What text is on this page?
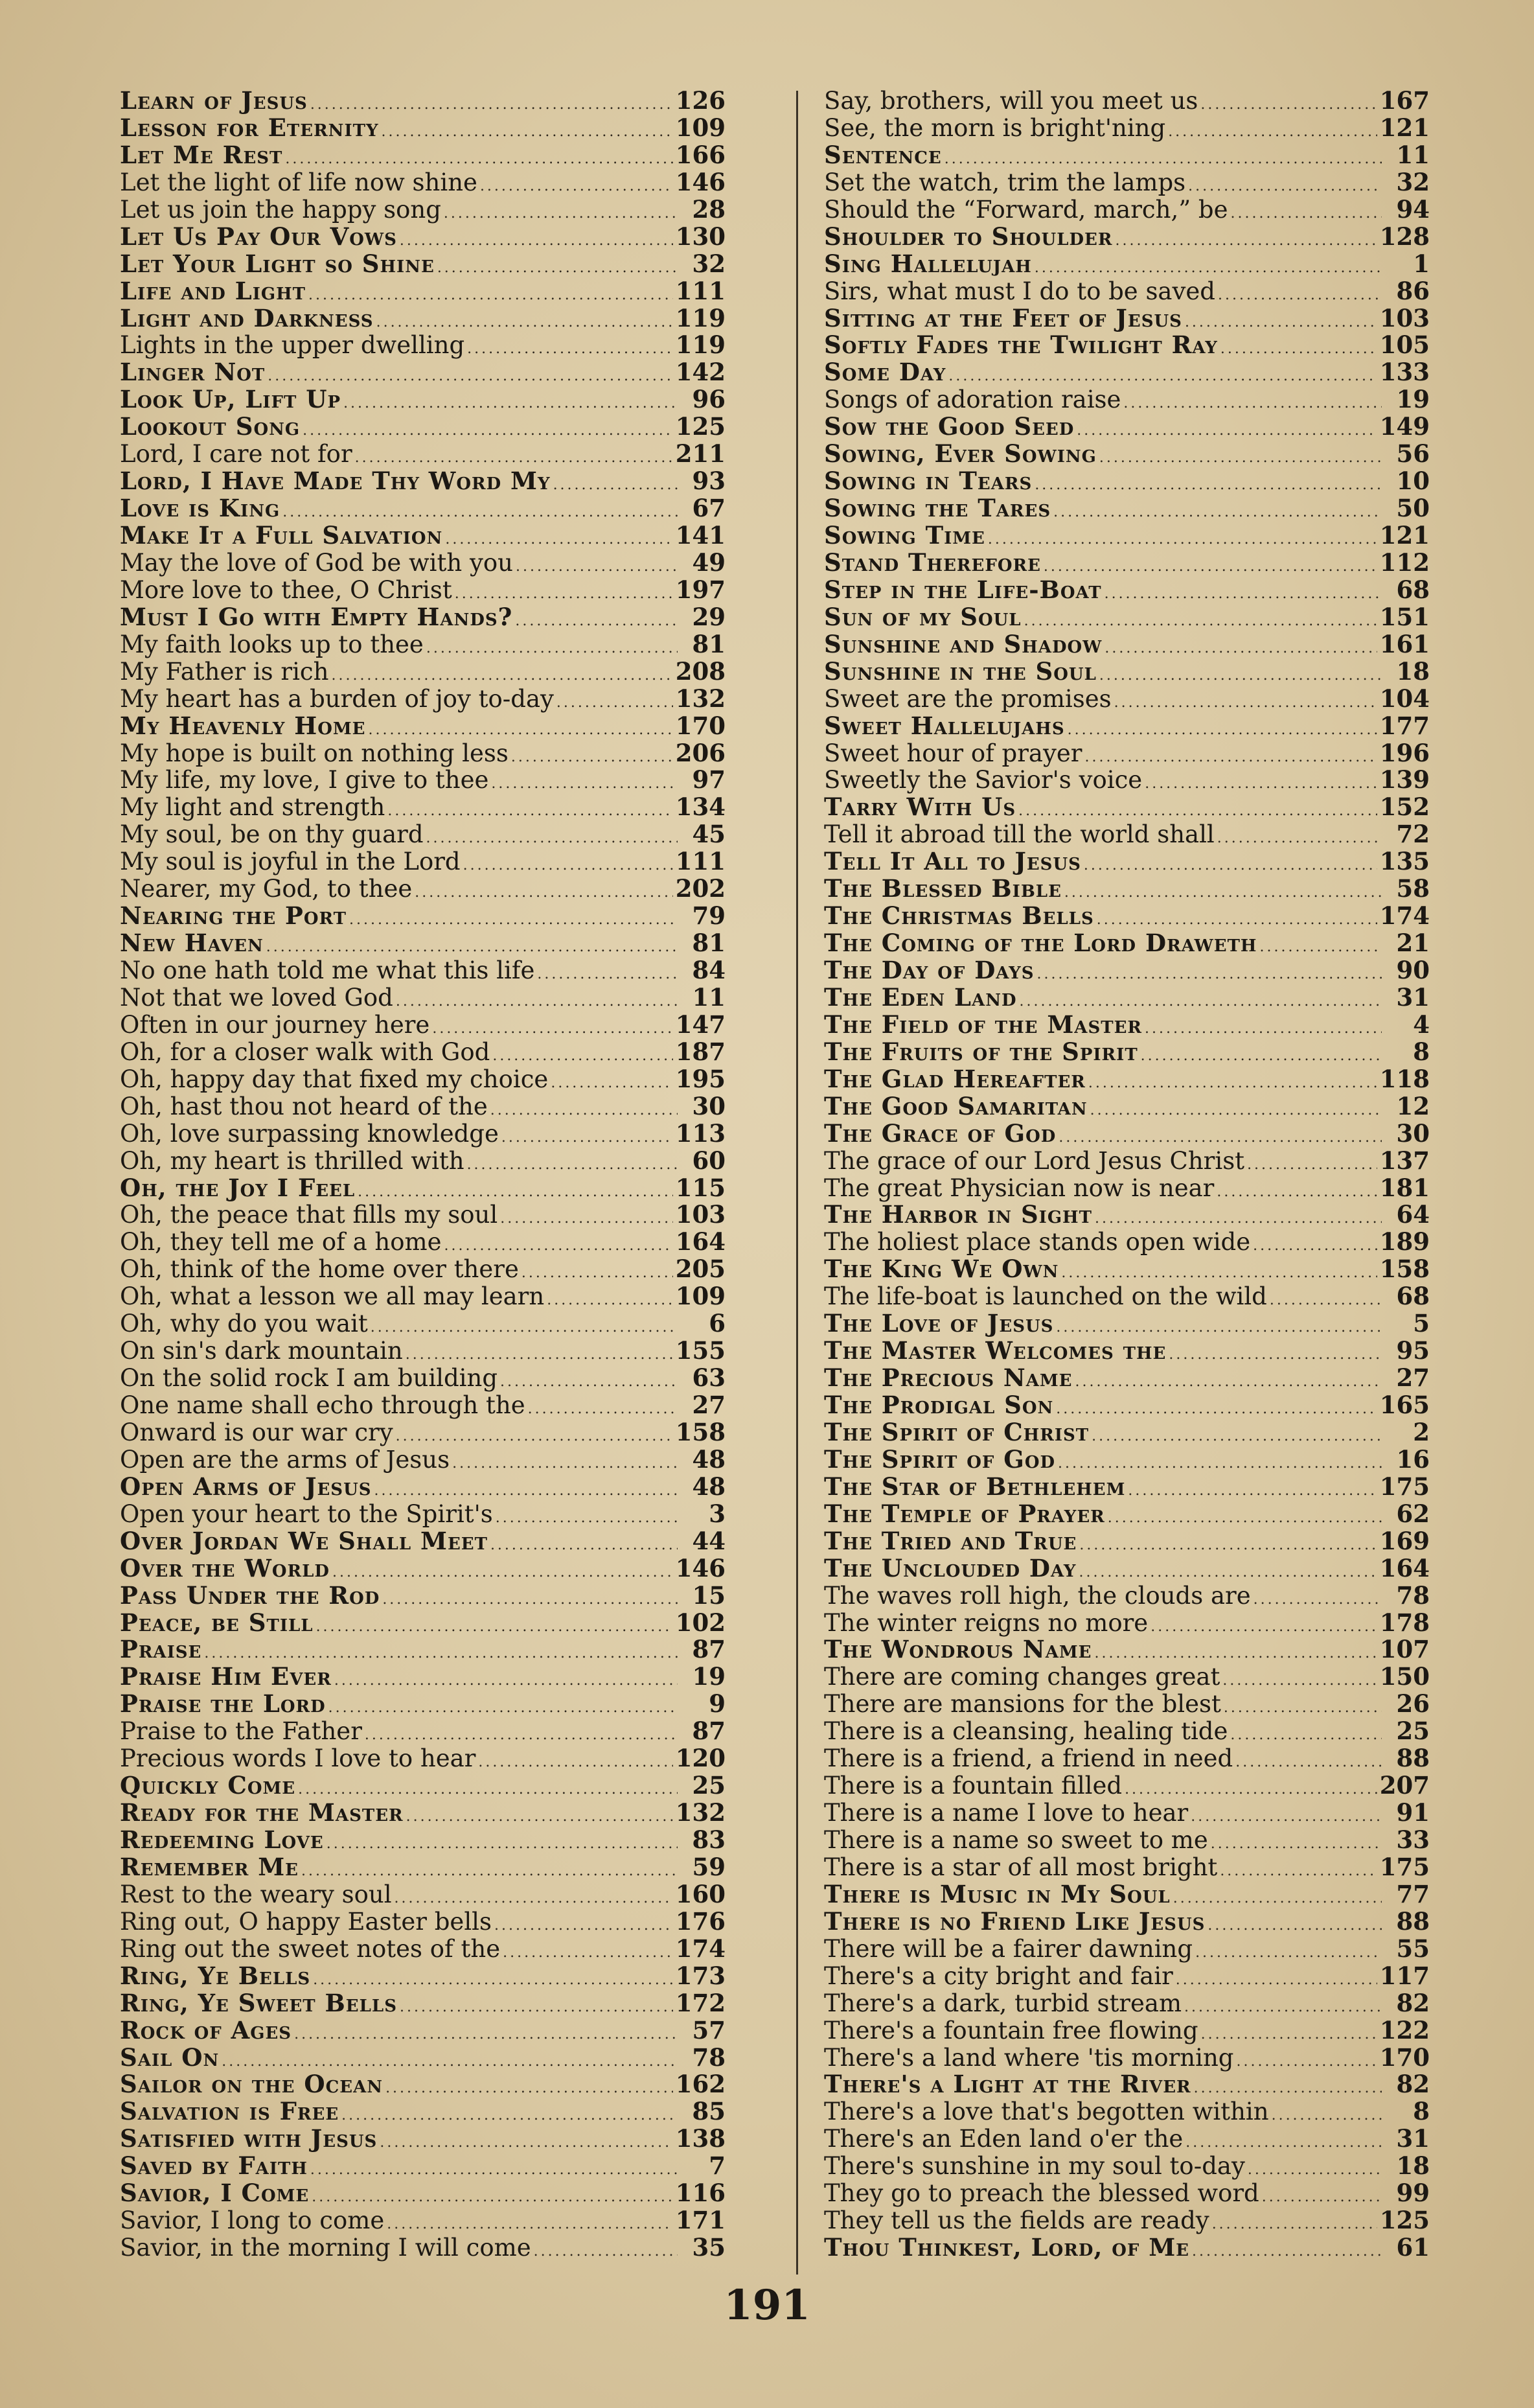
Learn of Jesus .....	126
Lesson for Eternity .....	109
Let Me Rest .....	166
Let the light of life now shine .....	146
Let us join the happy song .....	28
Let Us Pay Our Vows .....	130
Let Your Light so Shine .....	32
Life and Light .....	111
Light and Darkness .....	119
Lights in the upper dwelling .....	119
Linger Not .....	142
Look Up, Lift Up .....	96
Lookout Song .....	125
Lord, I care not for .....	211
Lord, I Have Made Thy Word My .....	93
Love is King .....	67
Make It a Full Salvation .....	141
May the love of God be with you .....	49
More love to thee, O Christ .....	197
Must I Go with Empty Hands? .....	29
My faith looks up to thee .....	81
My Father is rich .....	208
My heart has a burden of joy to-day .....	132
My Heavenly Home .....	170
My hope is built on nothing less .....	206
My life, my love, I give to thee .....	97
My light and strength .....	134
My soul, be on thy guard .....	45
My soul is joyful in the Lord .....	111
Nearer, my God, to thee .....	202
Nearing the Port .....	79
New Haven .....	81
No one hath told me what this life .....	84
Not that we loved God .....	11
Often in our journey here .....	147
Oh, for a closer walk with God .....	187
Oh, happy day that fixed my choice .....	195
Oh, hast thou not heard of the .....	30
Oh, love surpassing knowledge .....	113
Oh, my heart is thrilled with .....	60
Oh, the Joy I Feel .....	115
Oh, the peace that fills my soul .....	103
Oh, they tell me of a home .....	164
Oh, think of the home over there .....	205
Oh, what a lesson we all may learn .....	109
Oh, why do you wait .....	6
On sin's dark mountain .....	155
On the solid rock I am building .....	63
One name shall echo through the .....	27
Onward is our war cry .....	158
Open are the arms of Jesus .....	48
Open Arms of Jesus .....	48
Open your heart to the Spirit's .....	3
Over Jordan We Shall Meet .....	44
Over the World .....	146
Pass Under the Rod .....	15
Peace, be Still .....	102
Praise .....	87
Praise Him Ever .....	19
Praise the Lord .....	9
Praise to the Father .....	87
Precious words I love to hear .....	120
Quickly Come .....	25
Ready for the Master .....	132
Redeeming Love .....	83
Remember Me .....	59
Rest to the weary soul .....	160
Ring out, O happy Easter bells .....	176
Ring out the sweet notes of the .....	174
Ring, Ye Bells .....	173
Ring, Ye Sweet Bells .....	172
Rock of Ages .....	57
Sail On .....	78
Sailor on the Ocean .....	162
Salvation is Free .....	85
Satisfied with Jesus .....	138
Saved by Faith .....	7
Savior, I Come .....	116
Savior, I long to come .....	171
Savior, in the morning I will come .....	35
Say, brothers, will you meet us .....	167
See, the morn is bright'ning .....	121
Sentence .....	11
Set the watch, trim the lamps .....	32
Should the “Forward, march,” be .....	94
Shoulder to Shoulder .....	128
Sing Hallelujah .....	1
Sirs, what must I do to be saved .....	86
Sitting at the Feet of Jesus .....	103
Softly Fades the Twilight Ray .....	105
Some Day .....	133
Songs of adoration raise .....	19
Sow the Good Seed .....	149
Sowing, Ever Sowing .....	56
Sowing in Tears .....	10
Sowing the Tares .....	50
Sowing Time .....	121
Stand Therefore .....	112
Step in the Life-Boat .....	68
Sun of my Soul .....	151
Sunshine and Shadow .....	161
Sunshine in the Soul .....	18
Sweet are the promises .....	104
Sweet Hallelujahs .....	177
Sweet hour of prayer .....	196
Sweetly the Savior's voice .....	139
Tarry With Us .....	152
Tell it abroad till the world shall .....	72
Tell It All to Jesus .....	135
The Blessed Bible .....	58
The Christmas Bells .....	174
The Coming of the Lord Draweth .....	21
The Day of Days .....	90
The Eden Land .....	31
The Field of the Master .....	4
The Fruits of the Spirit .....	8
The Glad Hereafter .....	118
The Good Samaritan .....	12
The Grace of God .....	30
The grace of our Lord Jesus Christ .....	137
The great Physician now is near .....	181
The Harbor in Sight .....	64
The holiest place stands open wide .....	189
The King We Own .....	158
The life-boat is launched on the wild .....	68
The Love of Jesus .....	5
The Master Welcomes the .....	95
The Precious Name .....	27
The Prodigal Son .....	165
The Spirit of Christ .....	2
The Spirit of God .....	16
The Star of Bethlehem .....	175
The Temple of Prayer .....	62
The Tried and True .....	169
The Unclouded Day .....	164
The waves roll high, the clouds are .....	78
The winter reigns no more .....	178
The Wondrous Name .....	107
There are coming changes great .....	150
There are mansions for the blest .....	26
There is a cleansing, healing tide .....	25
There is a friend, a friend in need .....	88
There is a fountain filled .....	207
There is a name I love to hear .....	91
There is a name so sweet to me .....	33
There is a star of all most bright .....	175
There is Music in My Soul .....	77
There is no Friend Like Jesus .....	88
There will be a fairer dawning .....	55
There's a city bright and fair .....	117
There's a dark, turbid stream .....	82
There's a fountain free flowing .....	122
There's a land where 'tis morning .....	170
There's a Light at the River .....	82
There's a love that's begotten within .....	8
There's an Eden land o'er the .....	31
There's sunshine in my soul to-day .....	18
They go to preach the blessed word .....	99
They tell us the fields are ready .....	125
Thou Thinkest, Lord, of Me .....	61
191
